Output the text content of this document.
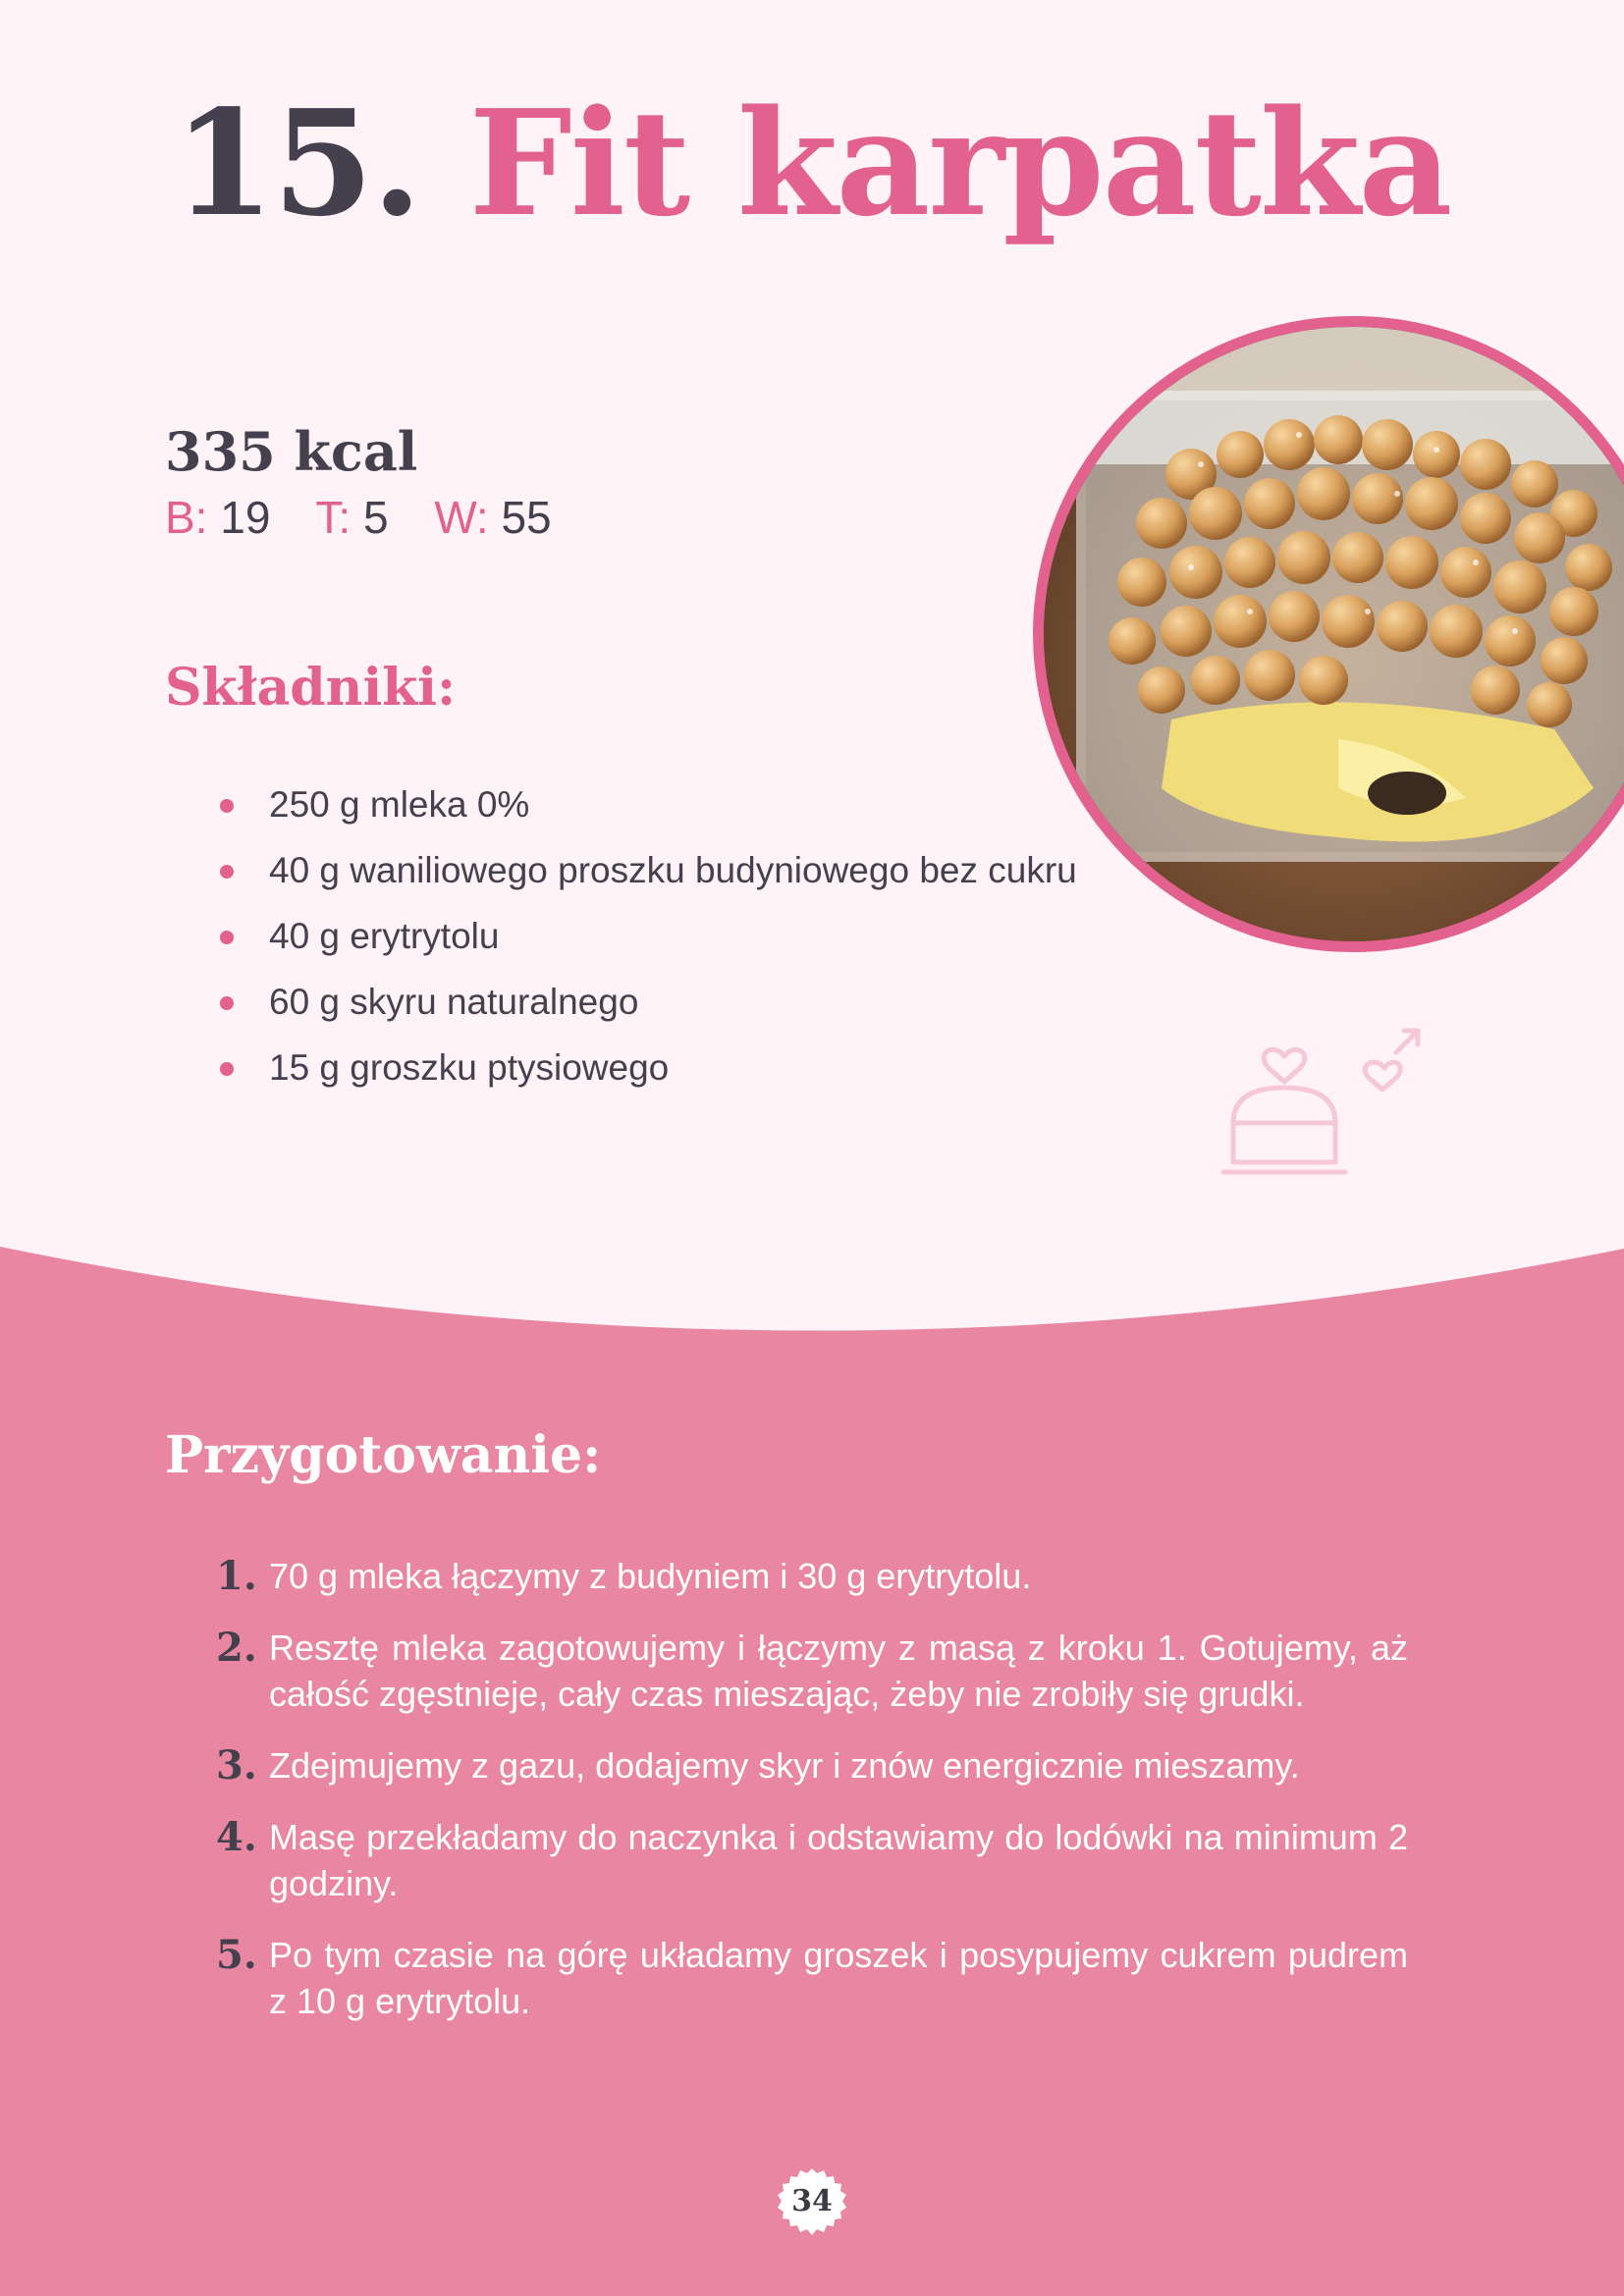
15. Fit karpatka
335 kcal
B: 19 T: 5 W: 55
Składniki:
250 g mleka 0%
40 g waniliowego proszku budyniowego bez cukru
40 g erytrytolu
60 g skyru naturalnego
15 g groszku ptysiowego
Przygotowanie:
1. 70 g mleka łączymy z budyniem i 30 g erytrytolu.
2. Resztę mleka zagotowujemy i łączymy z masą z kroku 1. Gotujemy, aż całość zgęstnieje, cały czas mieszając, żeby nie zrobiły się grudki.
3. Zdejmujemy z gazu, dodajemy skyr i znów energicznie mieszamy.
4. Masę przekładamy do naczynka i odstawiamy do lodówki na minimum 2 godziny.
5. Po tym czasie na górę układamy groszek i posypujemy cukrem pudrem z 10 g erytrytolu.
34
